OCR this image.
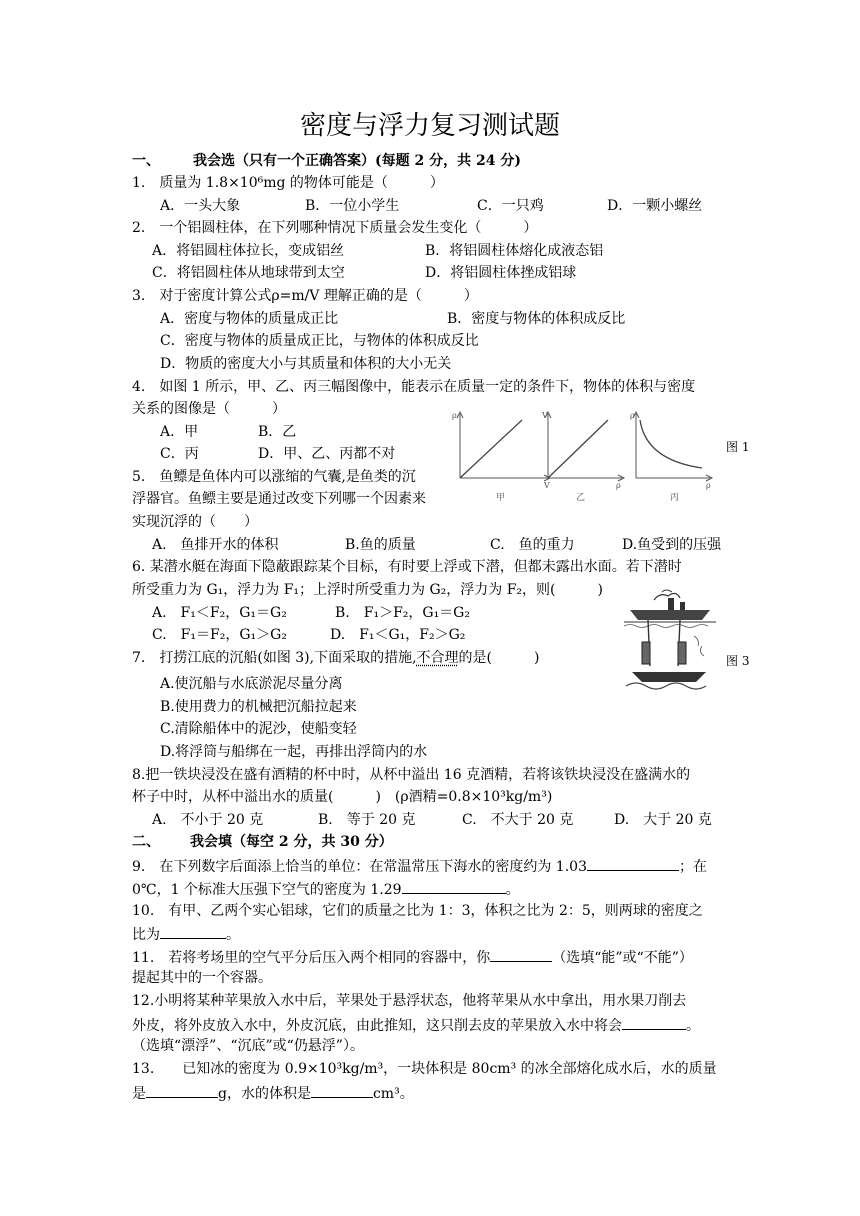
密度与浮力复习测试题
一、 我会选（只有一个正确答案）(每题 2 分，共 24 分)
1.　质量为 1.8×10⁶mg 的物体可能是（　　　）
A．一头大象	B．一位小学生	C．一只鸡	D．一颗小螺丝
2.　一个铝圆柱体，在下列哪种情况下质量会发生变化（　　　）
A．将铝圆柱体拉长，变成铝丝	B．将铝圆柱体熔化成液态铝
C．将铝圆柱体从地球带到太空	D．将铝圆柱体挫成铝球
3.　对于密度计算公式ρ=m/V 理解正确的是（　　　）
A．密度与物体的质量成正比	B．密度与物体的体积成反比
C．密度与物体的质量成正比，与物体的体积成反比
D．物质的密度大小与其质量和体积的大小无关
4.　如图 1 所示，甲、乙、丙三幅图像中，能表示在质量一定的条件下，物体的体积与密度
关系的图像是（　　　）
A．甲	B．乙
C．丙	D．甲、乙、丙都不对
ρ
V
甲
V
ρ
乙
ρ
ρ
丙
图 1
5.　鱼鳔是鱼体内可以涨缩的气囊,是鱼类的沉
浮器官。鱼鳔主要是通过改变下列哪一个因素来
实现沉浮的（　　）
A.　鱼排开水的体积	B.鱼的质量	C.　鱼的重力	D.鱼受到的压强
6. 某潜水艇在海面下隐蔽跟踪某个目标，有时要上浮或下潜，但都未露出水面。若下潜时
所受重力为 G₁，浮力为 F₁；上浮时所受重力为 G₂，浮力为 F₂，则(　　　)
A.　F₁＜F₂，G₁＝G₂	B.　F₁＞F₂，G₁＝G₂
C.　F₁＝F₂，G₁＞G₂	D.　F₁＜G₁，F₂＞G₂
图 3
7.　打捞江底的沉船(如图 3),下面采取的措施,不合理的是(　　　)
A.使沉船与水底淤泥尽量分离
B.使用费力的机械把沉船拉起来
C.清除船体中的泥沙，使船变轻
D.将浮筒与船绑在一起，再排出浮筒内的水
8.把一铁块浸没在盛有酒精的杯中时，从杯中溢出 16 克酒精，若将该铁块浸没在盛满水的
杯子中时，从杯中溢出水的质量(　　　)　(ρ酒精=0.8×10³kg/m³)
A.　不小于 20 克	B.　等于 20 克	C.　不大于 20 克	D.　大于 20 克
二、 我会填（每空 2 分，共 30 分）
9.　在下列数字后面添上恰当的单位：在常温常压下海水的密度约为 1.03	；在
0℃，1 个标准大压强下空气的密度为 1.29	。
10.　有甲、乙两个实心铝球，它们的质量之比为 1：3，体积之比为 2：5，则两球的密度之
比为	。
11.　若将考场里的空气平分后压入两个相同的容器中，你	（选填“能”或“不能”）
提起其中的一个容器。
12.小明将某种苹果放入水中后，苹果处于悬浮状态，他将苹果从水中拿出，用水果刀削去
外皮，将外皮放入水中，外皮沉底，由此推知，这只削去皮的苹果放入水中将会	。
（选填“漂浮”、“沉底”或“仍悬浮”）。
13.　　已知冰的密度为 0.9×10³kg/m³，一块体积是 80cm³ 的冰全部熔化成水后，水的质量
是	g，水的体积是	cm³。
